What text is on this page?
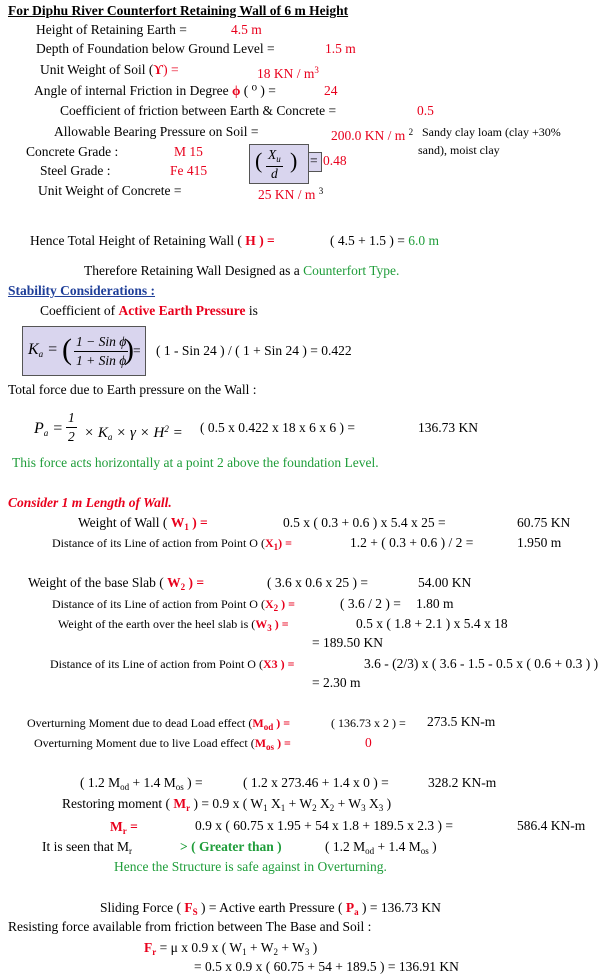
For Diphu River Counterfort Retaining Wall of 6 m Height
Height of Retaining Earth =	4.5 m
Depth of Foundation below Ground Level =	1.5 m
Unit Weight of Soil (ϒ) =	18 KN / $m^3$
Angle of internal Friction in Degree ϕ ( ⁰ ) =	24
Coefficient of friction between Earth & Concrete =	0.5
Allowable Bearing Pressure on Soil =	200.0 KN / m $^2$ Sandy clay loam (clay +30%
sand), moist clay
Concrete Grade :	M 15
Steel Grade :	Fe 415 ( $\frac{X_u}{d}$ ) = 0.48
Unit Weight of Concrete =	25 KN / m $^3$
Hence Total Height of Retaining Wall ( H ) =	( 4.5 + 1.5 ) = 6.0 m
Therefore Retaining Wall Designed as a Counterfort Type.
Stability Considerations :
Coefficient of Active Earth Pressure is
$K_a$ = ( $\frac{\text{1 − Sin ϕ}}{\text{1 + Sin ϕ}}$
) = ( 1 - Sin 24 ) / ( 1 + Sin 24 ) = 0.422
Total force due to Earth pressure on the Wall :
$P_a = \frac{1}{2} \times K_a \times \gamma \times H^2$ = ( 0.5 x 0.422 x 18 x 6 x 6 ) =	136.73 KN
This force acts horizontally at a point 2 above the foundation Level.
Consider 1 m Length of Wall.
Weight of Wall ( $W_1$ ) =	0.5 x ( 0.3 + 0.6 ) x 5.4 x 25 =	60.75 KN
Distance of its Line of action from Point O $(X_1)$ =	1.2 + ( 0.3 + 0.6 ) / 2 =	1.950 m
Weight of the base Slab ( $W_2$ ) =	( 3.6 x 0.6 x 25 ) =	54.00 KN
Distance of its Line of action from Point O ($X_2$ ) =	( 3.6 / 2 ) = 1.80 m
Weight of the earth over the heel slab is ($W_3$ ) =	0.5 x ( 1.8 + 2.1 ) x 5.4 x 18
= 189.50 KN
Distance of its Line of action from Point O (X3 ) =	3.6 - (2/3) x ( 3.6 - 1.5 - 0.5 x ( 0.6 + 0.3 ) )
= 2.30 m
Overturning Moment due to dead Load effect ($M_{od}$ ) =	( 136.73 x 2 ) = 273.5 KN-m
Overturning Moment due to live Load effect ($M_{os}$ ) =	0
( 1.2 $M_{od} + 1.4$ $M_{os}$ ) =	( 1.2 x 273.46 + 1.4 x 0 ) =	328.2 KN-m
Restoring moment ( $M_r$ ) = 0.9 x ( $W_1$ $X_1 + W_2$ $X_2 + W_3$ $X_3$ )
$M_r$ =	0.9 x ( 60.75 x 1.95 + 54 x 1.8 + 189.5 x 2.3 ) =	586.4 KN-m
It is seen that $M_r$	> ( Greater than )	( 1.2 $M_{od} + 1.4$ $M_{os}$ )
Hence the Structure is safe against in Overturning.
Sliding Force ( $F_S$ ) = Active earth Pressure ( $P_a$ ) = 136.73 KN
Resisting force available from friction between The Base and Soil :
$F_r = \mu$ x 0.9 x ( $W_1 + W_2 + W_3$ )
= 0.5 x 0.9 x ( 60.75 + 54 + 189.5 ) = 136.91 KN
